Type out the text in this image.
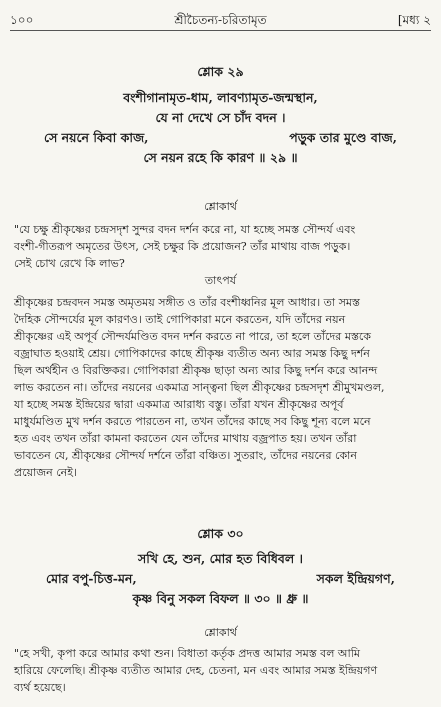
১০০	শ্রীচৈতন্য-চরিতামৃত	[মধ্য ২
শ্লোক ২৯
বংশীগানামৃত-ধাম, লাবণ্যামৃত-জন্মস্থান,
যে না দেখে সে চাঁদ বদন ।
সে নয়নে কিবা কাজ,	পড়ুক তার মুণ্ডে বাজ,
সে নয়ন রহে কি কারণ ॥ ২৯ ॥
শ্লোকার্থ
"যে চক্ষু শ্রীকৃষ্ণের চন্দ্রসদৃশ সুন্দর বদন দর্শন করে না, যা হচ্ছে সমস্ত সৌন্দর্য এবং
বংশী-গীতরূপ অমৃতের উৎস, সেই চক্ষুর কি প্রয়োজন? তাঁর মাথায় বাজ পড়ুক।
সেই চোখ রেখে কি লাভ?
তাৎপর্য
শ্রীকৃষ্ণের চন্দ্রবদন সমস্ত অমৃতময় সঙ্গীত ও তাঁর বংশীধ্বনির মূল আধার। তা সমস্ত
দৈহিক সৌন্দর্যের মূল কারণও। তাই গোপিকারা মনে করতেন, যদি তাঁদের নয়ন
শ্রীকৃষ্ণের এই অপূর্ব সৌন্দর্যমণ্ডিত বদন দর্শন করতে না পারে, তা হলে তাঁদের মস্তকে
বজ্রাঘাত হওয়াই শ্রেয়। গোপিকাদের কাছে শ্রীকৃষ্ণ ব্যতীত অন্য আর সমস্ত কিছু দর্শন
ছিল অর্থহীন ও বিরক্তিকর। গোপিকারা শ্রীকৃষ্ণ ছাড়া অন্য আর কিছু দর্শন করে আনন্দ
লাভ করতেন না। তাঁদের নয়নের একমাত্র সান্ত্বনা ছিল শ্রীকৃষ্ণের চন্দ্রসদৃশ শ্রীমুখমণ্ডল,
যা হচ্ছে সমস্ত ইন্দ্রিয়ের দ্বারা একমাত্র আরাধ্য বস্তু। তাঁরা যখন শ্রীকৃষ্ণের অপূর্ব
মাধুর্যমণ্ডিত মুখ দর্শন করতে পারতেন না, তখন তাঁদের কাছে সব কিছু শূন্য বলে মনে
হত এবং তখন তাঁরা কামনা করতেন যেন তাঁদের মাথায় বজ্রপাত হয়। তখন তাঁরা
ভাবতেন যে, শ্রীকৃষ্ণের সৌন্দর্য দর্শনে তাঁরা বঞ্চিত। সুতরাং, তাঁদের নয়নের কোন
প্রয়োজন নেই।
শ্লোক ৩০
সখি হে, শুন, মোর হত বিধিবল ।
মোর বপু-চিত্ত-মন,	সকল ইন্দ্রিয়গণ,
কৃষ্ণ বিনু সকল বিফল ॥ ৩০ ॥ ধ্রু ॥
শ্লোকার্থ
"হে সখী, কৃপা করে আমার কথা শুন। বিধাতা কর্তৃক প্রদত্ত আমার সমস্ত বল আমি
হারিয়ে ফেলেছি। শ্রীকৃষ্ণ ব্যতীত আমার দেহ, চেতনা, মন এবং আমার সমস্ত ইন্দ্রিয়গণ
ব্যর্থ হয়েছে।
